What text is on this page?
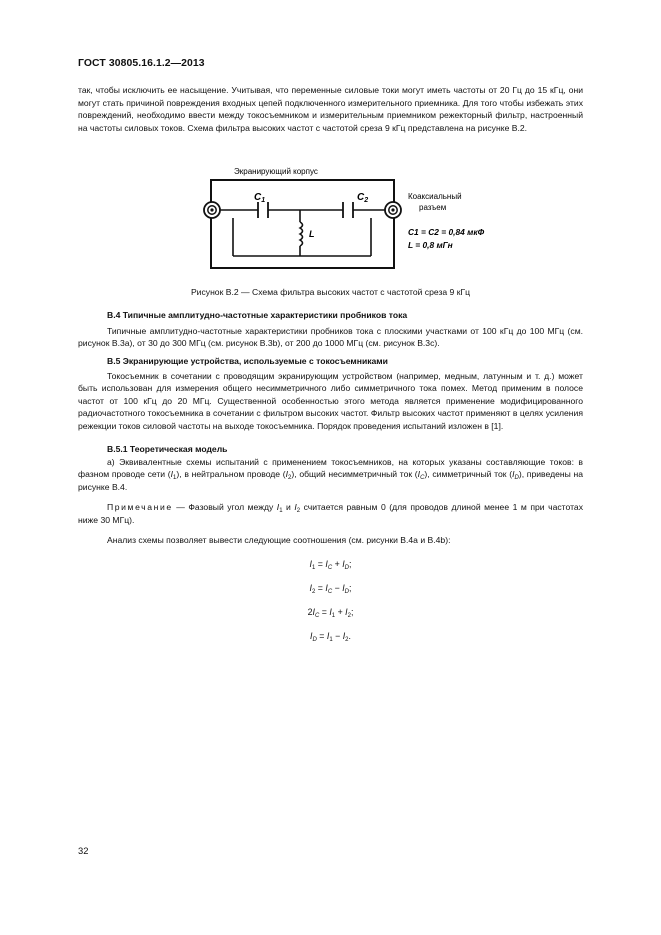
ГОСТ 30805.16.1.2—2013

так, чтобы исключить ее насыщение. Учитывая, что переменные силовые токи могут иметь частоты от 20 Гц до 15 кГц, они могут стать причиной повреждения входных цепей подключенного измерительного приемника. Для того чтобы избежать этих повреждений, необходимо ввести между токосъемником и измерительным приемником режекторный фильтр, настроенный на частоты силовых токов. Схема фильтра высоких частот с частотой среза 9 кГц представлена на рисунке В.2.

Экранирующий корпус
$C_1$	$C_2$
L
Коаксиальный
разъем
C1 = C2 = 0,84 мкФ
L = 0,8 мГн
Рисунок В.2 — Схема фильтра высоких частот с частотой среза 9 кГц
В.4 Типичные амплитудно-частотные характеристики пробников тока

Типичные амплитудно-частотные характеристики пробников тока с плоскими участками от 100 кГц до 100 МГц (см. рисунок В.3а), от 30 до 300 МГц (см. рисунок В.3b), от 200 до 1000 МГц (см. рисунок В.3с).

В.5 Экранирующие устройства, используемые с токосъемниками

Токосъемник в сочетании с проводящим экранирующим устройством (например, медным, латунным и т. д.) может быть использован для измерения общего несимметричного либо симметричного тока помех. Метод применим в полосе частот от 100 кГц до 20 МГц. Существенной особенностью этого метода является применение модифицированного радиочастотного токосъемника в сочетании с фильтром высоких частот. Фильтр высоких частот применяют в целях усиления режекции токов силовой частоты на выходе токосъемника. Порядок проведения испытаний изложен в [1].

В.5.1 Теоретическая модель

а) Эквивалентные схемы испытаний с применением токосъемников, на которых указаны составляющие токов: в фазном проводе сети $(I_1)$, в нейтральном проводе $(I_2)$, общий несимметричный ток $(I_C)$, симметричный ток $(I_D)$, приведены на рисунке В.4.

Примечание — Фазовый угол между $I_1$ и $I_2$ считается равным 0 (для проводов длиной менее 1 м при частотах ниже 30 МГц).

Анализ схемы позволяет вывести следующие соотношения (см. рисунки В.4а и В.4b):

$I_1 = I_C + I_D$;
$I_2 = I_C - I_D$;
$2I_C = I_1 + I_2$;
$I_D = I_1 - I_2$.
32
